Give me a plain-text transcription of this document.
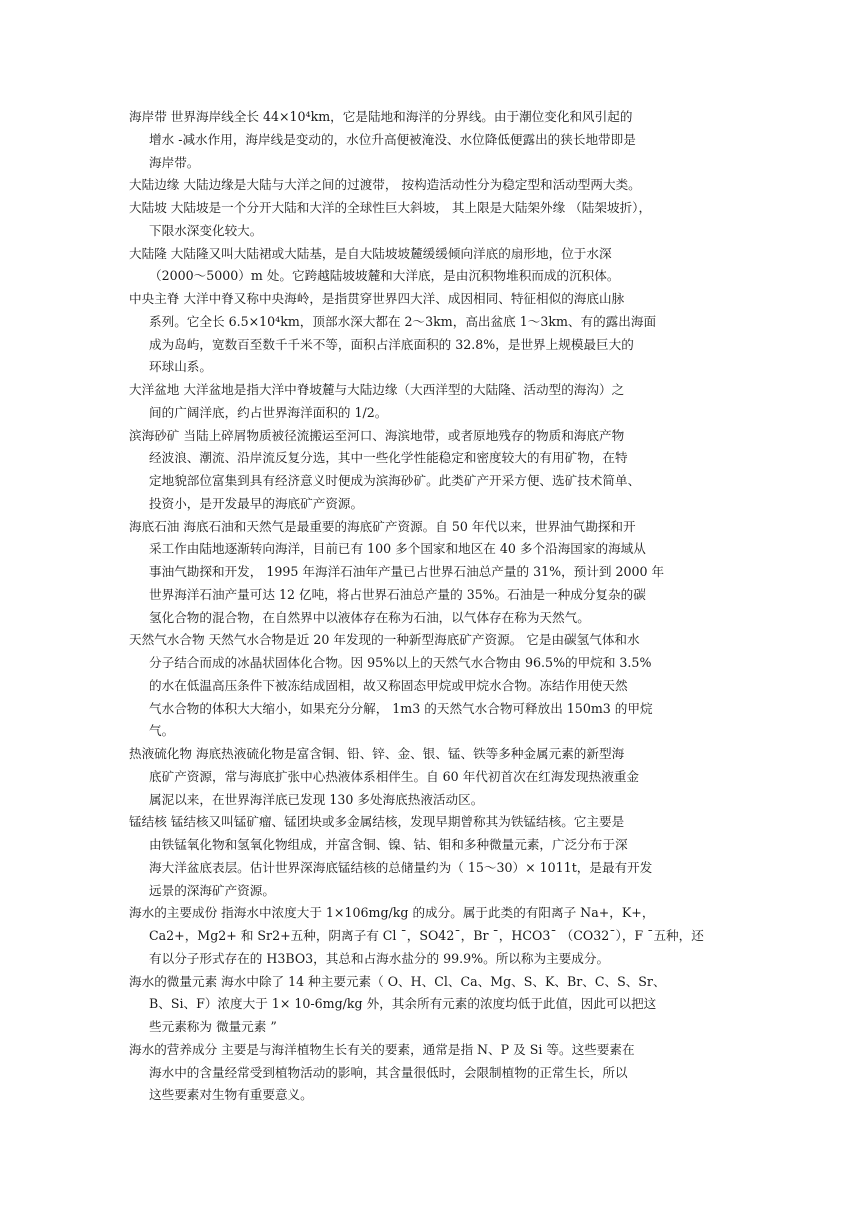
海岸带 世界海岸线全长 44×10⁴km，它是陆地和海洋的分界线。由于潮位变化和风引起的
增水 -减水作用，海岸线是变动的，水位升高便被淹没、水位降低便露出的狭长地带即是
海岸带。
大陆边缘 大陆边缘是大陆与大洋之间的过渡带， 按构造活动性分为稳定型和活动型两大类。
大陆坡 大陆坡是一个分开大陆和大洋的全球性巨大斜坡， 其上限是大陆架外缘 （陆架坡折），
下限水深变化较大。
大陆隆 大陆隆又叫大陆裙或大陆基，是自大陆坡坡麓缓缓倾向洋底的扇形地，位于水深
（2000～5000）m 处。它跨越陆坡坡麓和大洋底，是由沉积物堆积而成的沉积体。
中央主脊 大洋中脊又称中央海岭，是指贯穿世界四大洋、成因相同、特征相似的海底山脉
系列。它全长 6.5×10⁴km，顶部水深大都在 2～3km，高出盆底 1～3km、有的露出海面
成为岛屿，宽数百至数千千米不等，面积占洋底面积的 32.8%，是世界上规模最巨大的
环球山系。
大洋盆地 大洋盆地是指大洋中脊坡麓与大陆边缘（大西洋型的大陆隆、活动型的海沟）之
间的广阔洋底，约占世界海洋面积的 1/2。
滨海砂矿 当陆上碎屑物质被径流搬运至河口、海滨地带，或者原地残存的物质和海底产物
经波浪、潮流、沿岸流反复分选，其中一些化学性能稳定和密度较大的有用矿物，在特
定地貌部位富集到具有经济意义时便成为滨海砂矿。此类矿产开采方便、选矿技术简单、
投资小，是开发最早的海底矿产资源。
海底石油 海底石油和天然气是最重要的海底矿产资源。自 50 年代以来，世界油气勘探和开
采工作由陆地逐渐转向海洋，目前已有 100 多个国家和地区在 40 多个沿海国家的海域从
事油气勘探和开发， 1995 年海洋石油年产量已占世界石油总产量的 31%，预计到 2000 年
世界海洋石油产量可达 12 亿吨，将占世界石油总产量的 35%。石油是一种成分复杂的碳
氢化合物的混合物，在自然界中以液体存在称为石油，以气体存在称为天然气。
天然气水合物 天然气水合物是近 20 年发现的一种新型海底矿产资源。 它是由碳氢气体和水
分子结合而成的冰晶状固体化合物。因 95%以上的天然气水合物由 96.5%的甲烷和 3.5%
的水在低温高压条件下被冻结成固相，故又称固态甲烷或甲烷水合物。冻结作用使天然
气水合物的体积大大缩小，如果充分分解， 1m3 的天然气水合物可释放出 150m3 的甲烷
气。
热液硫化物 海底热液硫化物是富含铜、铅、锌、金、银、锰、铁等多种金属元素的新型海
底矿产资源，常与海底扩张中心热液体系相伴生。自 60 年代初首次在红海发现热液重金
属泥以来，在世界海洋底已发现 130 多处海底热液活动区。
锰结核 锰结核又叫锰矿瘤、锰团块或多金属结核，发现早期曾称其为铁锰结核。它主要是
由铁锰氧化物和氢氧化物组成，并富含铜、镍、钴、钼和多种微量元素，广泛分布于深
海大洋盆底表层。估计世界深海底锰结核的总储量约为（ 15～30）× 1011t，是最有开发
远景的深海矿产资源。
海水的主要成份 指海水中浓度大于 1×106mg/kg 的成分。属于此类的有阳离子 Na+，K+，
Ca2+，Mg2+ 和 Sr2+五种，阴离子有 Cl ˉ，SO42ˉ，Br ˉ，HCO3ˉ （CO32ˉ），F ˉ五种，还
有以分子形式存在的 H3BO3，其总和占海水盐分的 99.9%。所以称为主要成分。
海水的微量元素 海水中除了 14 种主要元素（ O、H、Cl、Ca、Mg、S、K、Br、C、S、Sr、
B、Si、F）浓度大于 1× 10-6mg/kg 外，其余所有元素的浓度均低于此值，因此可以把这
些元素称为 微量元素 ”
海水的营养成分 主要是与海洋植物生长有关的要素，通常是指 N、P 及 Si 等。这些要素在
海水中的含量经常受到植物活动的影响，其含量很低时，会限制植物的正常生长，所以
这些要素对生物有重要意义。
